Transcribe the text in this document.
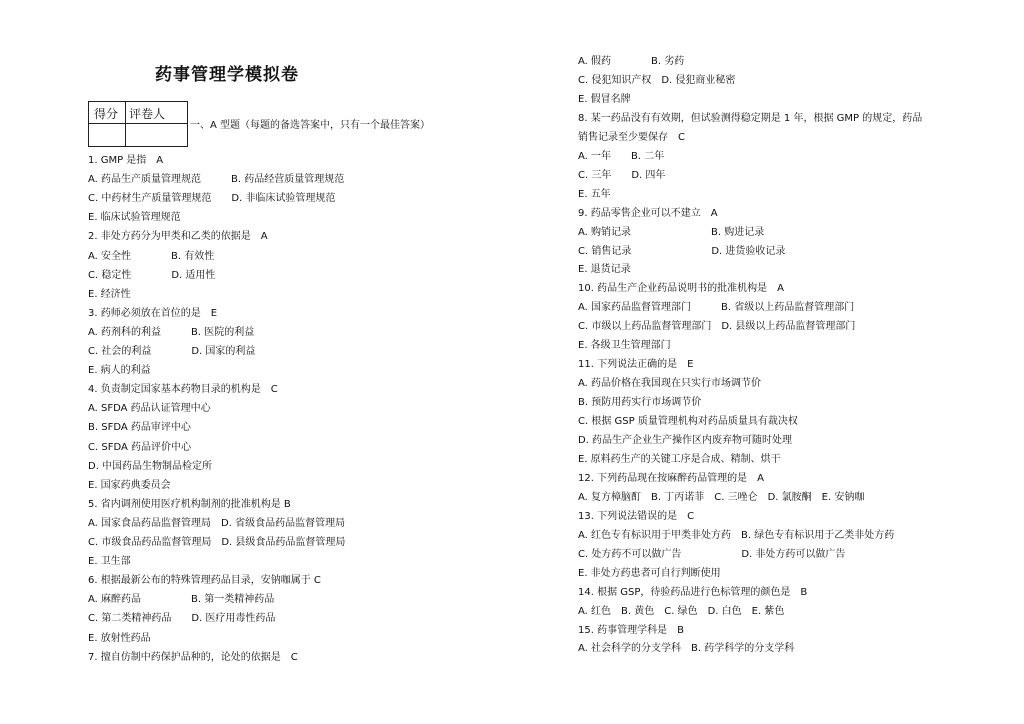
药事管理学模拟卷
得分 评卷人
一、A 型题（每题的备选答案中，只有一个最佳答案）
1. GMP 是指　A
A. 药品生产质量管理规范　　　B. 药品经营质量管理规范
C. 中药材生产质量管理规范　　D. 非临床试验管理规范
E. 临床试验管理规范
2. 非处方药分为甲类和乙类的依据是　A
A. 安全性　　　　B. 有效性
C. 稳定性　　　　D. 适用性
E. 经济性
3. 药师必须放在首位的是　E
A. 药剂科的利益　　　B. 医院的利益
C. 社会的利益　　　　D. 国家的利益
E. 病人的利益
4. 负责制定国家基本药物目录的机构是　C
A. SFDA 药品认证管理中心
B. SFDA 药品审评中心
C. SFDA 药品评价中心
D. 中国药品生物制品检定所
E. 国家药典委员会
5. 省内调剂使用医疗机构制剂的批准机构是 B
A. 国家食品药品监督管理局　D. 省级食品药品监督管理局
C. 市级食品药品监督管理局　D. 县级食品药品监督管理局
E. 卫生部
6. 根据最新公布的特殊管理药品目录，安钠咖属于 C
A. 麻醉药品　　　　　B. 第一类精神药品
C. 第二类精神药品　　D. 医疗用毒性药品
E. 放射性药品
7. 擅自仿制中药保护品种的，论处的依据是　C
A. 假药　　　　B. 劣药
C. 侵犯知识产权　D. 侵犯商业秘密
E. 假冒名牌
8. 某一药品没有有效期，但试验测得稳定期是 1 年，根据 GMP 的规定，药品
销售记录至少要保存　C
A. 一年　　B. 二年
C. 三年　　D. 四年
E. 五年
9. 药品零售企业可以不建立　A
A. 购销记录　　　　　　　　B. 购进记录
C. 销售记录　　　　　　　　D. 进货验收记录
E. 退货记录
10. 药品生产企业药品说明书的批准机构是　A
A. 国家药品监督管理部门　　　B. 省级以上药品监督管理部门
C. 市级以上药品监督管理部门　D. 县级以上药品监督管理部门
E. 各级卫生管理部门
11. 下列说法正确的是　E
A. 药品价格在我国现在只实行市场调节价
B. 预防用药实行市场调节价
C. 根据 GSP 质量管理机构对药品质量具有裁决权
D. 药品生产企业生产操作区内废弃物可随时处理
E. 原料药生产的关键工序是合成、精制、烘干
12. 下列药品现在按麻醉药品管理的是　A
A. 复方樟脑酊　B. 丁丙诺菲　C. 三唑仑　D. 氯胺酮　E. 安钠咖
13. 下列说法错误的是　C
A. 红色专有标识用于甲类非处方药　B. 绿色专有标识用于乙类非处方药
C. 处方药不可以做广告　　　　　　D. 非处方药可以做广告
E. 非处方药患者可自行判断使用
14. 根据 GSP，待验药品进行色标管理的颜色是　B
A. 红色　B. 黄色　C. 绿色　D. 白色　E. 紫色
15. 药事管理学科是　B
A. 社会科学的分支学科　B. 药学科学的分支学科
